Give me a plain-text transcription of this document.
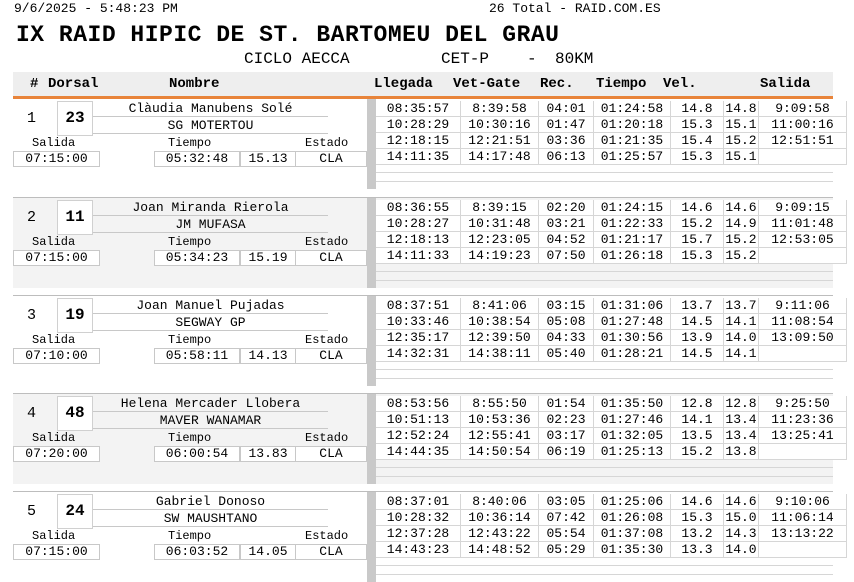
9/6/2025 - 5:48:23 PM	26 Total - RAID.COM.ES
IX RAID HIPIC DE ST. BARTOMEU DEL GRAU
CICLO AECCA	CET-P - 80KM
# Dorsal	Nombre	Llegada Vet-Gate Rec. Tiempo Vel.	Salida
1	23
Clàudia Manubens Solé
SG MOTERTOU
Salida	Tiempo	Estado
07:15:00	05:32:48	15.13	CLA
08:35:57	8:39:58	04:01	01:24:58	14.8 14.8	9:09:58
10:28:29	10:30:16	01:47	01:20:18	15.3 15.1	11:00:16
12:18:15	12:21:51	03:36	01:21:35	15.4 15.2	12:51:51
14:11:35	14:17:48	06:13	01:25:57	15.3 15.1
2	11
Joan Miranda Rierola
JM MUFASA
Salida	Tiempo	Estado
07:15:00	05:34:23	15.19	CLA
08:36:55	8:39:15	02:20	01:24:15	14.6 14.6	9:09:15
10:28:27	10:31:48	03:21	01:22:33	15.2 14.9	11:01:48
12:18:13	12:23:05	04:52	01:21:17	15.7 15.2	12:53:05
14:11:33	14:19:23	07:50	01:26:18	15.3 15.2
3	19
Joan Manuel Pujadas
SEGWAY GP
Salida	Tiempo	Estado
07:10:00	05:58:11	14.13	CLA
08:37:51	8:41:06	03:15	01:31:06	13.7 13.7	9:11:06
10:33:46	10:38:54	05:08	01:27:48	14.5 14.1	11:08:54
12:35:17	12:39:50	04:33	01:30:56	13.9 14.0	13:09:50
14:32:31	14:38:11	05:40	01:28:21	14.5 14.1
4	48
Helena Mercader Llobera
MAVER WANAMAR
Salida	Tiempo	Estado
07:20:00	06:00:54	13.83	CLA
08:53:56	8:55:50	01:54	01:35:50	12.8 12.8	9:25:50
10:51:13	10:53:36	02:23	01:27:46	14.1 13.4	11:23:36
12:52:24	12:55:41	03:17	01:32:05	13.5 13.4	13:25:41
14:44:35	14:50:54	06:19	01:25:13	15.2 13.8
5	24
Gabriel Donoso
SW MAUSHTANO
Salida	Tiempo	Estado
07:15:00	06:03:52	14.05	CLA
08:37:01	8:40:06	03:05	01:25:06	14.6 14.6	9:10:06
10:28:32	10:36:14	07:42	01:26:08	15.3 15.0	11:06:14
12:37:28	12:43:22	05:54	01:37:08	13.2 14.3	13:13:22
14:43:23	14:48:52	05:29	01:35:30	13.3 14.0
